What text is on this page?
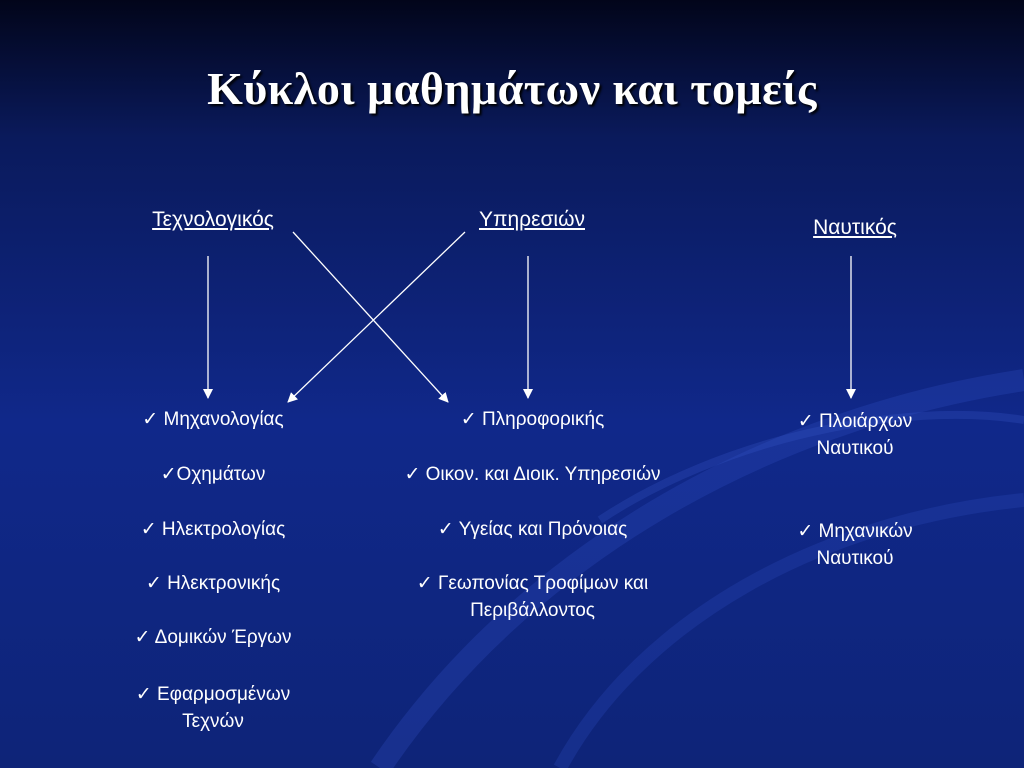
Κύκλοι μαθημάτων και τομείς
Τεχνολογικός	Υπηρεσιών	Ναυτικός
✓ Μηχανολογίας
✓Οχημάτων
✓ Ηλεκτρολογίας
✓ Ηλεκτρονικής
✓ Δομικών Έργων
✓ Εφαρμοσμένων
Τεχνών
✓ Πληροφορικής
✓ Οικον. και Διοικ. Υπηρεσιών
✓ Υγείας και Πρόνοιας
✓ Γεωπονίας Τροφίμων και
Περιβάλλοντος
✓ Πλοιάρχων
Ναυτικού
✓ Μηχανικών
Ναυτικού
